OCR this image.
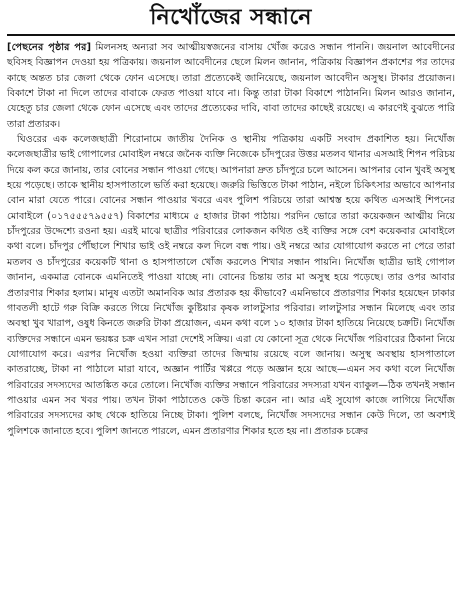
নিখোঁজের সন্ধানে

[পেছনের পৃষ্ঠার পর] মিলনসহ অন্যরা সব আত্মীয়স্বজনের বাসায় খোঁজ করেও সন্ধান পাননি। জয়নাল আবেদীনের ছবিসহ বিজ্ঞাপন দেওয়া হয় পত্রিকায়। জয়নাল আবেদীনের ছেলে মিলন জানান, পত্রিকায় বিজ্ঞাপন প্রকাশের পর তাদের কাছে অন্তত চার জেলা থেকে ফোন এসেছে। তারা প্রত্যেকেই জানিয়েছে, জয়নাল আবেদীন অসুস্থ। টাকার প্রয়োজন। বিকাশে টাকা না দিলে তাদের বাবাকে ফেরত পাওয়া যাবে না। কিন্তু তারা টাকা বিকাশে পাঠাননি। মিলন আরও জানান, যেহেতু চার জেলা থেকে ফোন এসেছে এবং তাদের প্রত্যেকের দাবি, বাবা তাদের কাছেই রয়েছে। এ কারণেই বুঝতে পারি তারা প্রতারক।

ঘিওরের এক কলেজছাত্রী শিরোনামে জাতীয় দৈনিক ও স্থানীয় পত্রিকায় একটি সংবাদ প্রকাশিত হয়। নিখোঁজ কলেজছাত্রীর ভাই গোপালের মোবাইল নম্বরে জনৈক ব্যক্তি নিজেকে চাঁদপুরের উত্তর মতলব থানার এসআই শিপন পরিচয় দিয়ে কল করে জানায়, তার বোনের সন্ধান পাওয়া গেছে। আপনারা দ্রুত চাঁদপুরে চলে আসেন। আপনার বোন খুবই অসুস্থ হয়ে পড়েছে। তাকে স্থানীয় হাসপাতালে ভর্তি করা হয়েছে। জরুরি ভিত্তিতে টাকা পাঠান, নইলে চিকিৎসার অভাবে আপনার বোন মারা যেতে পারে। বোনের সন্ধান পাওয়ার খবরে এবং পুলিশ পরিচয়ে তারা আশ্বস্ত হয়ে কথিত এসআই শিপনের মোবাইলে (০১৭৫৫৫৭৯৫৫৭) বিকাশের মাধ্যমে ৫ হাজার টাকা পাঠায়। পরদিন ভোরে তারা কয়েকজন আত্মীয় নিয়ে চাঁদপুরের উদ্দেশ্যে রওনা হয়। এরই মাঝে ছাত্রীর পরিবারের লোকজন কথিত ওই ব্যক্তির সঙ্গে বেশ কয়েকবার মোবাইলে কথা বলে। চাঁদপুর পৌঁছালে শিখার ভাই ওই নম্বরে কল দিলে বন্ধ পায়। ওই নম্বরে আর যোগাযোগ করতে না পেরে তারা মতলব ও চাঁদপুরের কয়েকটি থানা ও হাসপাতালে খোঁজ করলেও শিখার সন্ধান পায়নি। নিখোঁজ ছাত্রীর ভাই গোপাল জানান, একমাত্র বোনকে এমনিতেই পাওয়া যাচ্ছে না। বোনের চিন্তায় তার মা অসুস্থ হয়ে পড়েছে। তার ওপর আবার প্রতারণার শিকার হলাম। মানুষ এতটা অমানবিক আর প্রতারক হয় কীভাবে? এমনিভাবে প্রতারণার শিকার হয়েছেন ঢাকার গাবতলী হাটে গরু বিক্রি করতে গিয়ে নিখোঁজ কুষ্টিয়ার কৃষক লালটুসার পরিবার। লালটুসার সন্ধান মিলেছে এবং তার অবস্থা খুব খারাপ, ওষুধ কিনতে জরুরি টাকা প্রয়োজন, এমন কথা বলে ১০ হাজার টাকা হাতিয়ে নিয়েছে চক্রটি। নিখোঁজ ব্যক্তিদের সন্ধানে এমন ভয়ঙ্কর চক্র এখন সারা দেশেই সক্রিয়। এরা যে কোনো সূত্র থেকে নিখোঁজ পরিবারের ঠিকানা নিয়ে যোগাযোগ করে। এরপর নিখোঁজ হওয়া ব্যক্তিরা তাদের জিম্মায় রয়েছে বলে জানায়। অসুস্থ অবস্থায় হাসপাতালে কাতরাচ্ছে, টাকা না পাঠালে মারা যাবে, অজ্ঞান পার্টির খপ্পরে পড়ে অজ্ঞান হয়ে আছে—এমন সব কথা বলে নিখোঁজ পরিবারের সদস্যদের আতঙ্কিত করে তোলে। নিখোঁজ ব্যক্তির সন্ধানে পরিবারের সদস্যরা যখন ব্যাকুল—ঠিক তখনই সন্ধান পাওয়ার এমন সব খবর পায়। তখন টাকা পাঠাতেও কেউ চিন্তা করেন না। আর এই সুযোগ কাজে লাগিয়ে নিখোঁজ পরিবারের সদস্যদের কাছ থেকে হাতিয়ে নিচ্ছে টাকা। পুলিশ বলছে, নিখোঁজ সদস্যদের সন্ধান কেউ দিলে, তা অবশ্যই পুলিশকে জানাতে হবে। পুলিশ জানতে পারলে, এমন প্রতারণার শিকার হতে হয় না। প্রতারক চক্রের
